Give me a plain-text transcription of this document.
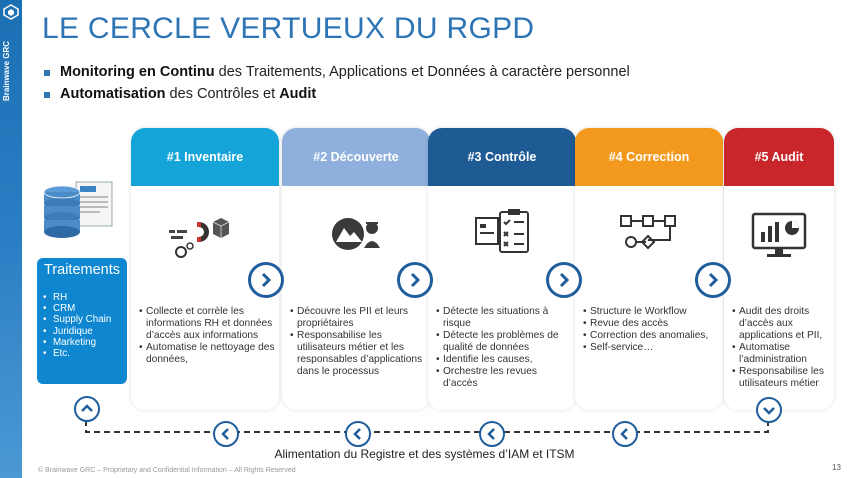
Brainwave GRC
LE CERCLE VERTUEUX DU RGPD
Monitoring en Continu des Traitements, Applications et Données à caractère personnel
Automatisation des Contrôles et Audit
Traitements
• RH
• CRM
• Supply Chain
• Juridique
• Marketing
• Etc.
#1 Inventaire
• Collecte et corrèle les informations RH et données d’accès aux informations
• Automatise le nettoyage des données,
#2 Découverte
• Découvre les PII et leurs propriétaires
• Responsabilise les utilisateurs métier et les responsables d’applications dans le processus
#3 Contrôle
• Détecte les situations à risque
• Détecte les problèmes de qualité de données
• Identifie les causes,
• Orchestre les revues d’accès
#4 Correction
• Structure le Workflow
• Revue des accès
• Correction des anomalies,
• Self-service…
#5 Audit
• Audit des droits d’accès aux applications et PII,
• Automatise l’administration
• Responsabilise les utilisateurs métier
Alimentation du Registre et des systèmes d’IAM et ITSM
© Brainwave GRC – Proprietary and Confidential Information – All Rights Reserved	13
